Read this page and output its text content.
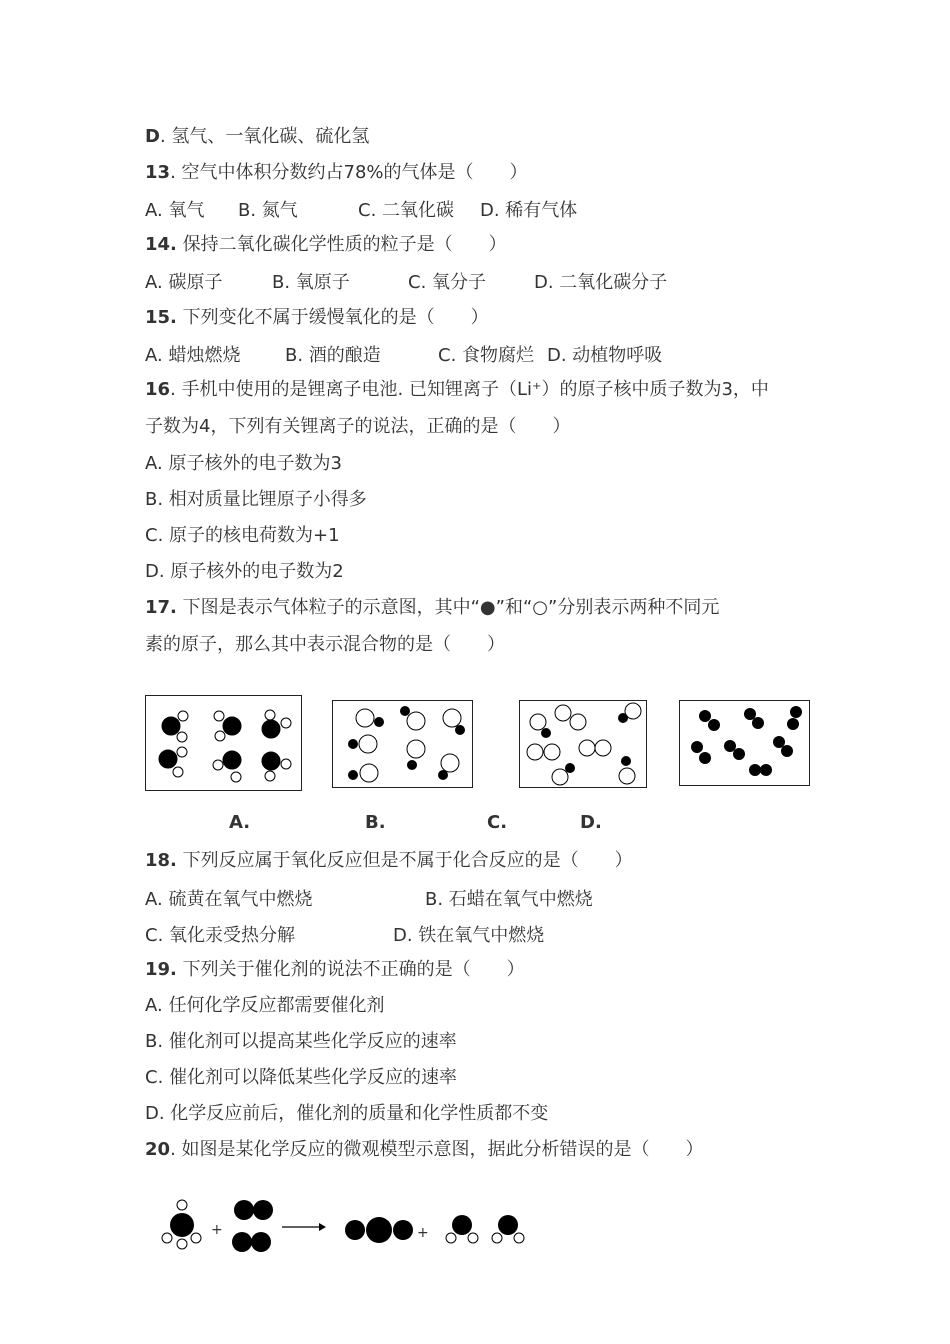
D. 氢气、一氧化碳、硫化氢
13. 空气中体积分数约占78%的气体是（　　）
A. 氧气 B. 氮气	C. 二氧化碳 D. 稀有气体
14. 保持二氧化碳化学性质的粒子是（　　）
A. 碳原子	B. 氧原子	C. 氧分子	D. 二氧化碳分子
15. 下列变化不属于缓慢氧化的是（　　）
A. 蜡烛燃烧 B. 酒的酿造	C. 食物腐烂 D. 动植物呼吸
16. 手机中使用的是锂离子电池. 已知锂离子（Li⁺）的原子核中质子数为3，中
子数为4，下列有关锂离子的说法，正确的是（　　）
A. 原子核外的电子数为3
B. 相对质量比锂原子小得多
C. 原子的核电荷数为+1
D. 原子核外的电子数为2
17. 下图是表示气体粒子的示意图，其中“●”和“○”分别表示两种不同元
素的原子，那么其中表示混合物的是（　　）
A.	B.	C.	D.
18. 下列反应属于氧化反应但是不属于化合反应的是（　　）
A. 硫黄在氧气中燃烧	B. 石蜡在氧气中燃烧
C. 氧化汞受热分解	D. 铁在氧气中燃烧
19. 下列关于催化剂的说法不正确的是（　　）
A. 任何化学反应都需要催化剂
B. 催化剂可以提高某些化学反应的速率
C. 催化剂可以降低某些化学反应的速率
D. 化学反应前后，催化剂的质量和化学性质都不变
20. 如图是某化学反应的微观模型示意图，据此分析错误的是（　　）
+	+
